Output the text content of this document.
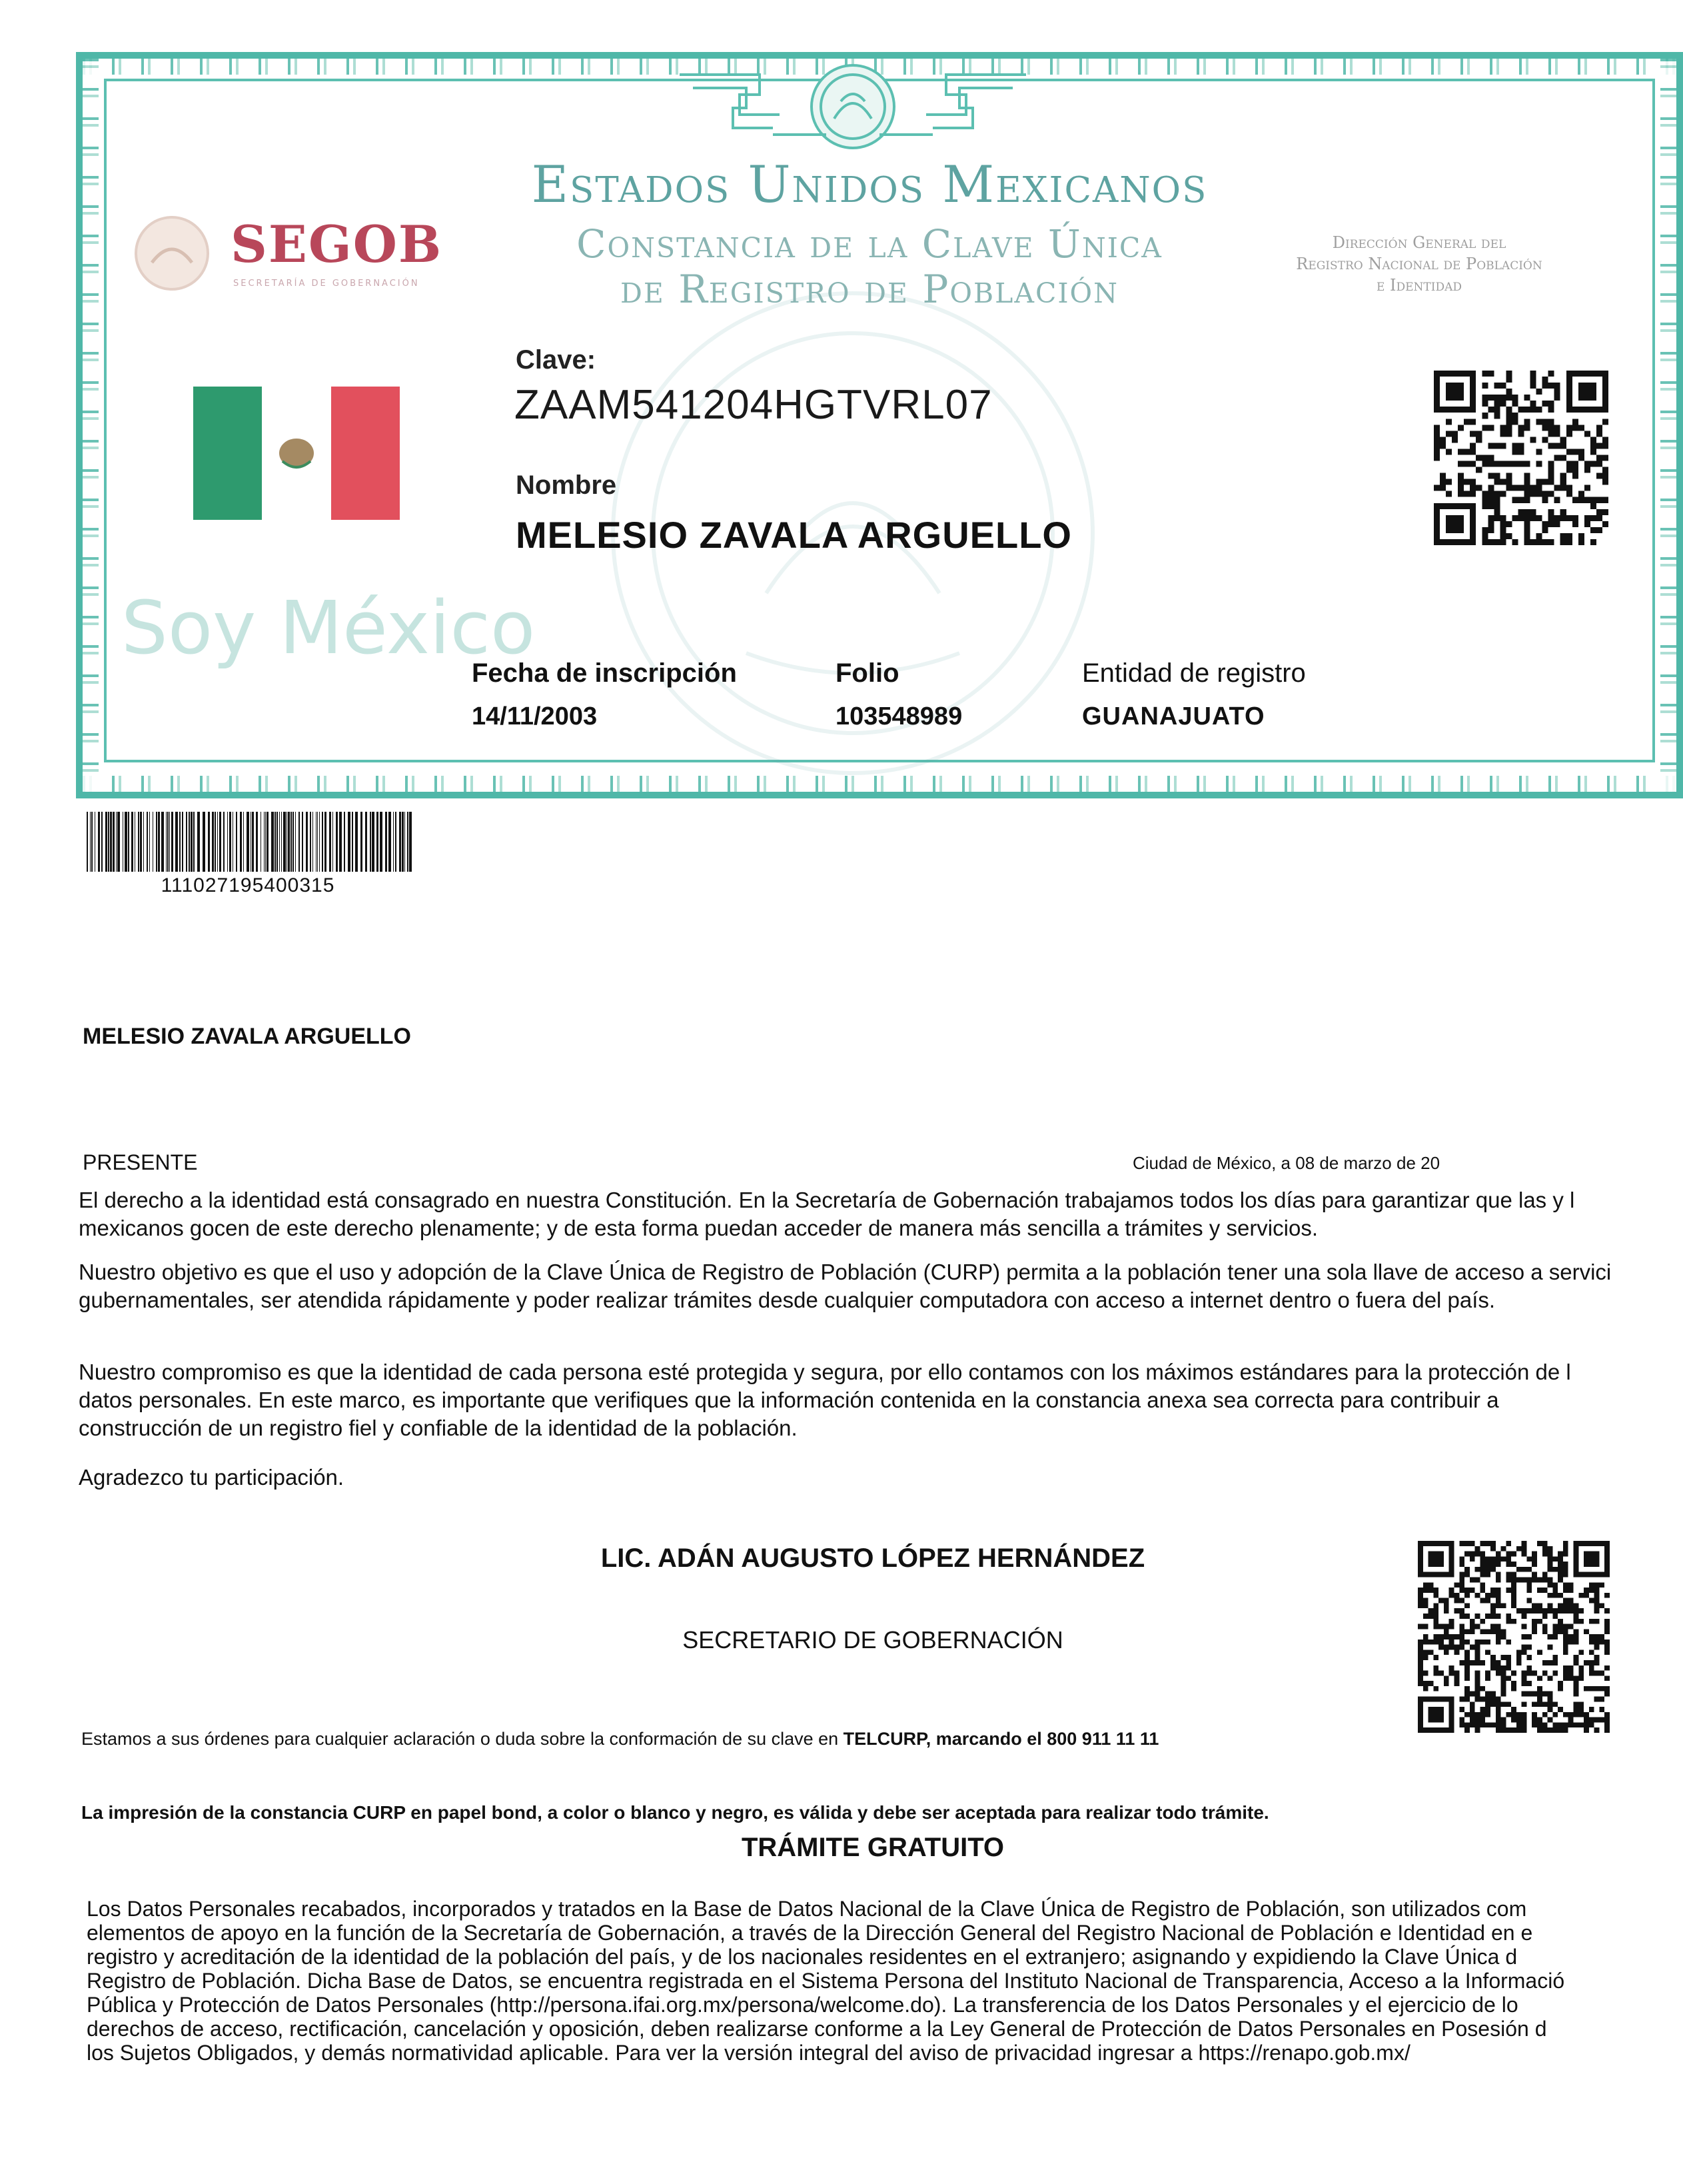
Estados Unidos Mexicanos
Constancia de la Clave Única
de Registro de Población
Dirección General del
Registro Nacional de Población
e Identidad
SEGOB
SECRETARÍA DE GOBERNACIÓN
Soy México
Clave:
ZAAM541204HGTVRL07
Nombre
MELESIO ZAVALA ARGUELLO
Fecha de inscripción
14/11/2003
Folio
103548989
Entidad de registro
GUANAJUATO
111027195400315
MELESIO ZAVALA ARGUELLO
PRESENTE	Ciudad de México, a 08 de marzo de 20
El derecho a la identidad está consagrado en nuestra Constitución. En la Secretaría de Gobernación trabajamos todos los días para garantizar que las y l
mexicanos gocen de este derecho plenamente; y de esta forma puedan acceder de manera más sencilla a trámites y servicios.
Nuestro objetivo es que el uso y adopción de la Clave Única de Registro de Población (CURP) permita a la población tener una sola llave de acceso a servici
gubernamentales, ser atendida rápidamente y poder realizar trámites desde cualquier computadora con acceso a internet dentro o fuera del país.
Nuestro compromiso es que la identidad de cada persona esté protegida y segura, por ello contamos con los máximos estándares para la protección de l
datos personales. En este marco, es importante que verifiques que la información contenida en la constancia anexa sea correcta para contribuir a
construcción de un registro fiel y confiable de la identidad de la población.
Agradezco tu participación.
LIC. ADÁN AUGUSTO LÓPEZ HERNÁNDEZ
SECRETARIO DE GOBERNACIÓN
Estamos a sus órdenes para cualquier aclaración o duda sobre la conformación de su clave en TELCURP, marcando el 800 911 11 11
La impresión de la constancia CURP en papel bond, a color o blanco y negro, es válida y debe ser aceptada para realizar todo trámite.
TRÁMITE GRATUITO
Los Datos Personales recabados, incorporados y tratados en la Base de Datos Nacional de la Clave Única de Registro de Población, son utilizados com
elementos de apoyo en la función de la Secretaría de Gobernación, a través de la Dirección General del Registro Nacional de Población e Identidad en e
registro y acreditación de la identidad de la población del país, y de los nacionales residentes en el extranjero; asignando y expidiendo la Clave Única d
Registro de Población. Dicha Base de Datos, se encuentra registrada en el Sistema Persona del Instituto Nacional de Transparencia, Acceso a la Informació
Pública y Protección de Datos Personales (http://persona.ifai.org.mx/persona/welcome.do). La transferencia de los Datos Personales y el ejercicio de lo
derechos de acceso, rectificación, cancelación y oposición, deben realizarse conforme a la Ley General de Protección de Datos Personales en Posesión d
los Sujetos Obligados, y demás normatividad aplicable. Para ver la versión integral del aviso de privacidad ingresar a https://renapo.gob.mx/
